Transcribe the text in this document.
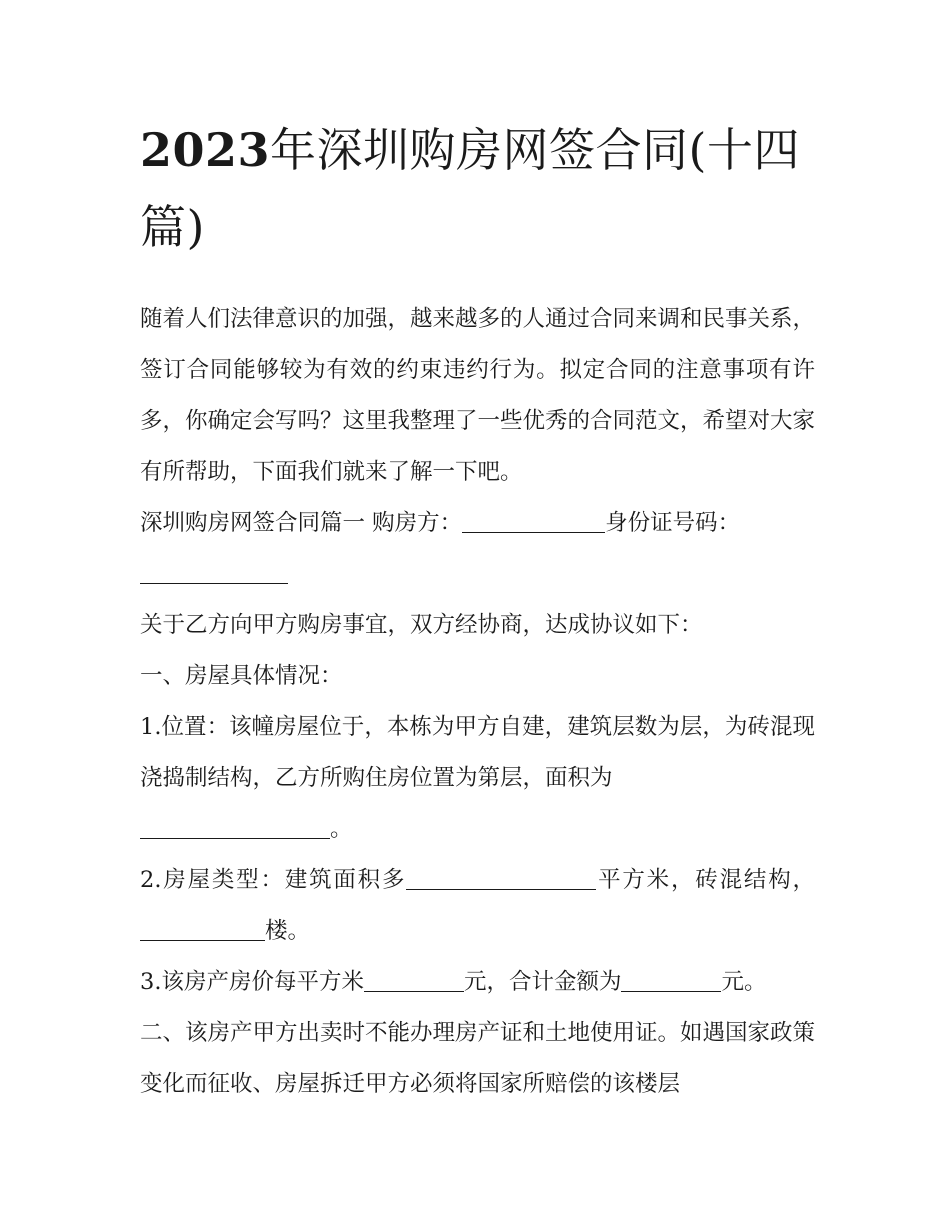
2023年深圳购房网签合同(十四篇)

随着人们法律意识的加强，越来越多的人通过合同来调和民事关系，签订合同能够较为有效的约束违约行为。拟定合同的注意事项有许多，你确定会写吗？这里我整理了一些优秀的合同范文，希望对大家有所帮助，下面我们就来了解一下吧。

深圳购房网签合同篇一 购房方：	身份证号码：

关于乙方向甲方购房事宜，双方经协商，达成协议如下：

一、房屋具体情况：

1.位置：该幢房屋位于，本栋为甲方自建，建筑层数为层，为砖混现浇捣制结构，乙方所购住房位置为第层，面积为
。

2.房屋类型：建筑面积多	平方米，砖混结构，楼。

3.该房产房价每平方米	元，合计金额为	元。

二、该房产甲方出卖时不能办理房产证和土地使用证。如遇国家政策变化而征收、房屋拆迁甲方必须将国家所赔偿的该楼层
